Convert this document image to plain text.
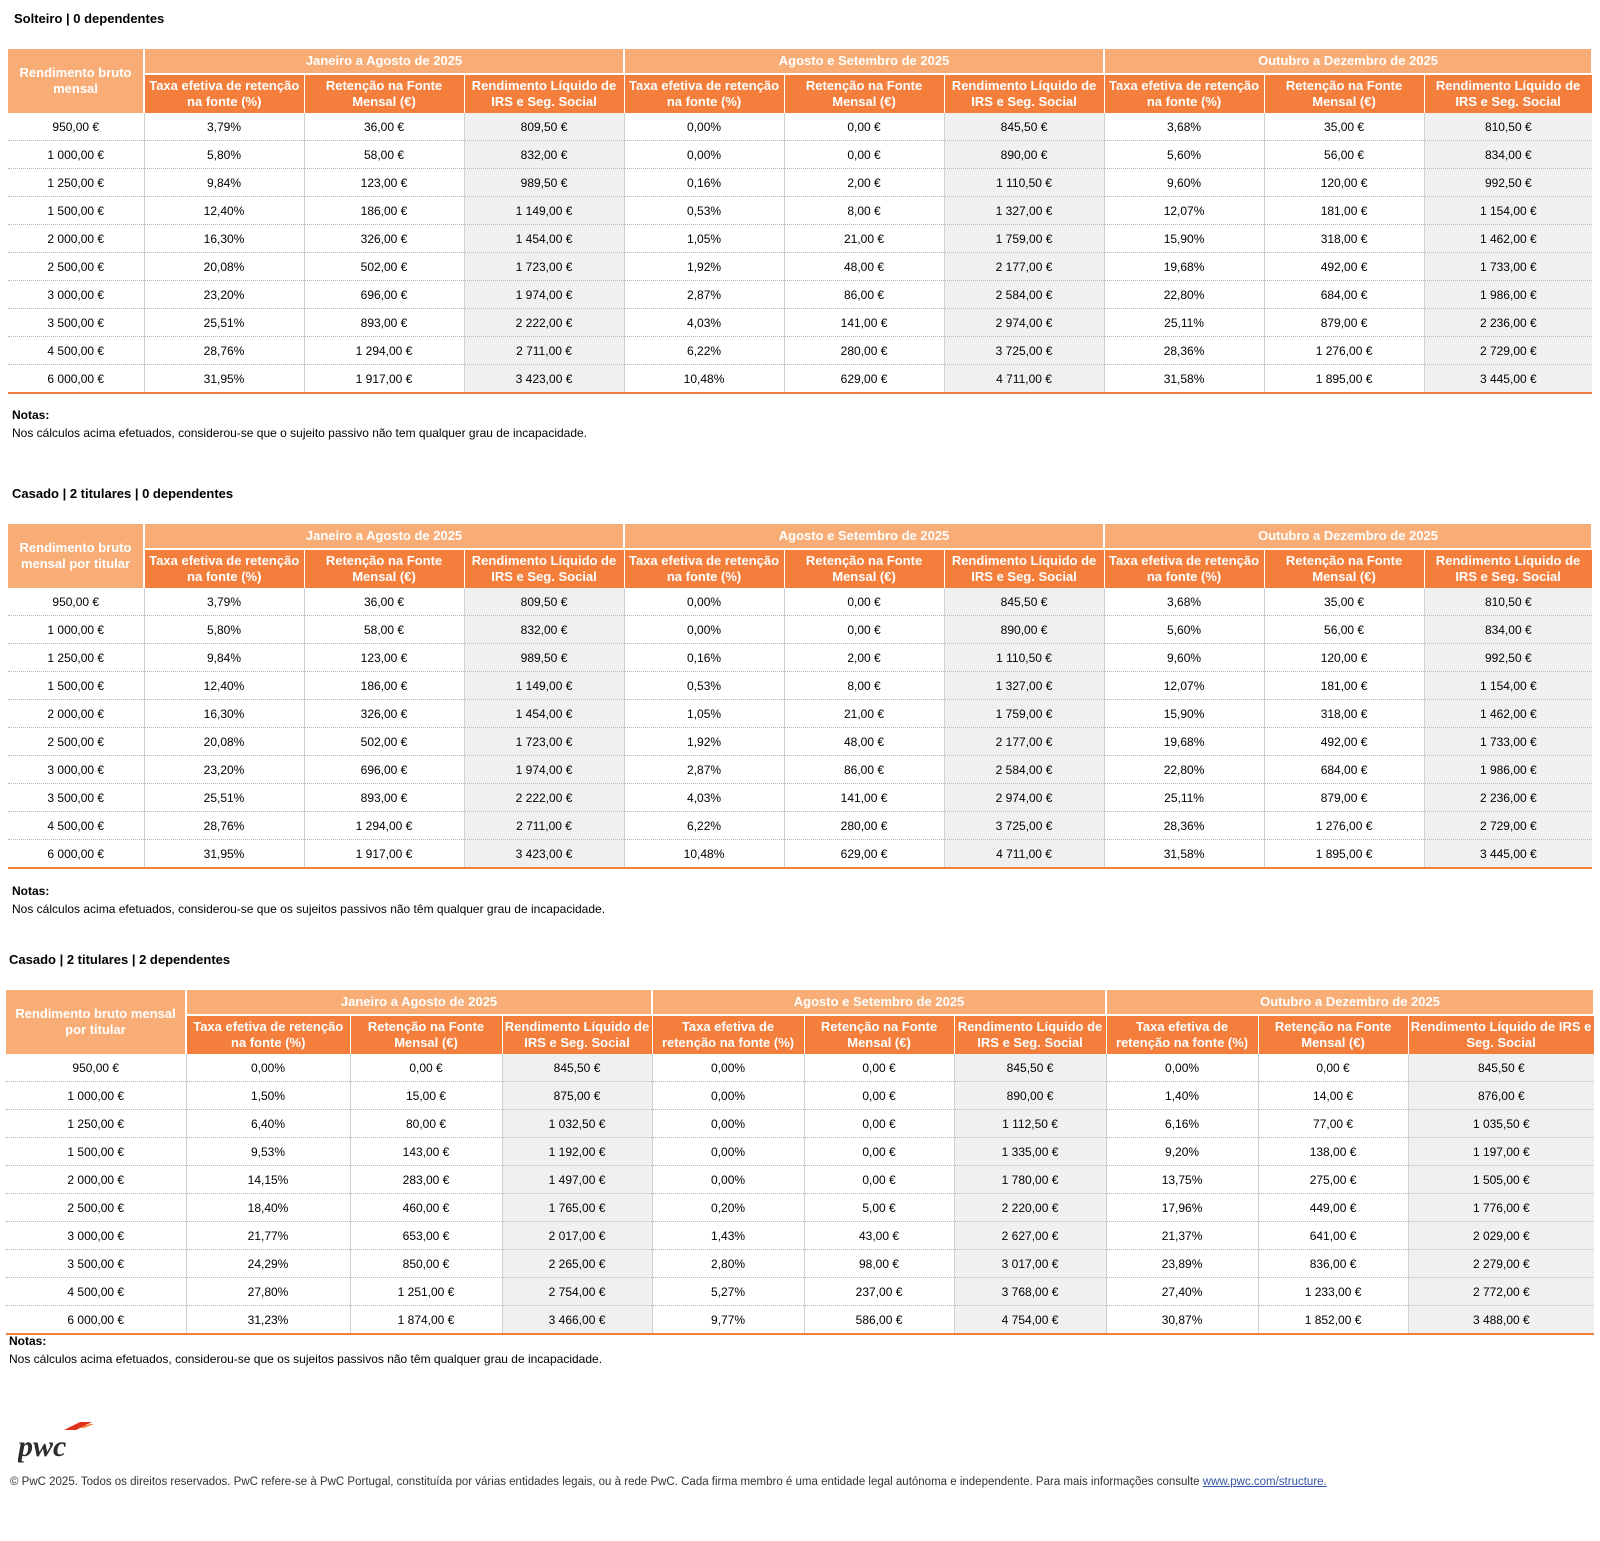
Solteiro | 0 dependentes
Rendimento bruto mensal	Janeiro a Agosto de 2025			Agosto e Setembro de 2025			Outubro a Dezembro de 2025		
	Taxa efetiva de retenção na fonte (%)	Retenção na Fonte Mensal (€)	Rendimento Líquido de IRS e Seg. Social	Taxa efetiva de retenção na fonte (%)	Retenção na Fonte Mensal (€)	Rendimento Líquido de IRS e Seg. Social	Taxa efetiva de retenção na fonte (%)	Retenção na Fonte Mensal (€)	Rendimento Líquido de IRS e Seg. Social
950,00 €	3,79%	36,00 €	809,50 €	0,00%	0,00 €	845,50 €	3,68%	35,00 €	810,50 €
1 000,00 €	5,80%	58,00 €	832,00 €	0,00%	0,00 €	890,00 €	5,60%	56,00 €	834,00 €
1 250,00 €	9,84%	123,00 €	989,50 €	0,16%	2,00 €	1 110,50 €	9,60%	120,00 €	992,50 €
1 500,00 €	12,40%	186,00 €	1 149,00 €	0,53%	8,00 €	1 327,00 €	12,07%	181,00 €	1 154,00 €
2 000,00 €	16,30%	326,00 €	1 454,00 €	1,05%	21,00 €	1 759,00 €	15,90%	318,00 €	1 462,00 €
2 500,00 €	20,08%	502,00 €	1 723,00 €	1,92%	48,00 €	2 177,00 €	19,68%	492,00 €	1 733,00 €
3 000,00 €	23,20%	696,00 €	1 974,00 €	2,87%	86,00 €	2 584,00 €	22,80%	684,00 €	1 986,00 €
3 500,00 €	25,51%	893,00 €	2 222,00 €	4,03%	141,00 €	2 974,00 €	25,11%	879,00 €	2 236,00 €
4 500,00 €	28,76%	1 294,00 €	2 711,00 €	6,22%	280,00 €	3 725,00 €	28,36%	1 276,00 €	2 729,00 €
6 000,00 €	31,95%	1 917,00 €	3 423,00 €	10,48%	629,00 €	4 711,00 €	31,58%	1 895,00 €	3 445,00 €
Notas:
Nos cálculos acima efetuados, considerou-se que o sujeito passivo não tem qualquer grau de incapacidade.
Casado | 2 titulares | 0 dependentes
Rendimento bruto mensal por titular	Janeiro a Agosto de 2025			Agosto e Setembro de 2025			Outubro a Dezembro de 2025		
	Taxa efetiva de retenção na fonte (%)	Retenção na Fonte Mensal (€)	Rendimento Líquido de IRS e Seg. Social	Taxa efetiva de retenção na fonte (%)	Retenção na Fonte Mensal (€)	Rendimento Líquido de IRS e Seg. Social	Taxa efetiva de retenção na fonte (%)	Retenção na Fonte Mensal (€)	Rendimento Líquido de IRS e Seg. Social
950,00 €	3,79%	36,00 €	809,50 €	0,00%	0,00 €	845,50 €	3,68%	35,00 €	810,50 €
1 000,00 €	5,80%	58,00 €	832,00 €	0,00%	0,00 €	890,00 €	5,60%	56,00 €	834,00 €
1 250,00 €	9,84%	123,00 €	989,50 €	0,16%	2,00 €	1 110,50 €	9,60%	120,00 €	992,50 €
1 500,00 €	12,40%	186,00 €	1 149,00 €	0,53%	8,00 €	1 327,00 €	12,07%	181,00 €	1 154,00 €
2 000,00 €	16,30%	326,00 €	1 454,00 €	1,05%	21,00 €	1 759,00 €	15,90%	318,00 €	1 462,00 €
2 500,00 €	20,08%	502,00 €	1 723,00 €	1,92%	48,00 €	2 177,00 €	19,68%	492,00 €	1 733,00 €
3 000,00 €	23,20%	696,00 €	1 974,00 €	2,87%	86,00 €	2 584,00 €	22,80%	684,00 €	1 986,00 €
3 500,00 €	25,51%	893,00 €	2 222,00 €	4,03%	141,00 €	2 974,00 €	25,11%	879,00 €	2 236,00 €
4 500,00 €	28,76%	1 294,00 €	2 711,00 €	6,22%	280,00 €	3 725,00 €	28,36%	1 276,00 €	2 729,00 €
6 000,00 €	31,95%	1 917,00 €	3 423,00 €	10,48%	629,00 €	4 711,00 €	31,58%	1 895,00 €	3 445,00 €
Notas:
Nos cálculos acima efetuados, considerou-se que os sujeitos passivos não têm qualquer grau de incapacidade.
Casado | 2 titulares | 2 dependentes
Rendimento bruto mensal por titular	Janeiro a Agosto de 2025			Agosto e Setembro de 2025			Outubro a Dezembro de 2025		
	Taxa efetiva de retenção na fonte (%)	Retenção na Fonte Mensal (€)	Rendimento Líquido de IRS e Seg. Social	Taxa efetiva de retenção na fonte (%)	Retenção na Fonte Mensal (€)	Rendimento Líquido de IRS e Seg. Social	Taxa efetiva de retenção na fonte (%)	Retenção na Fonte Mensal (€)	Rendimento Líquido de IRS e Seg. Social
950,00 €	0,00%	0,00 €	845,50 €	0,00%	0,00 €	845,50 €	0,00%	0,00 €	845,50 €
1 000,00 €	1,50%	15,00 €	875,00 €	0,00%	0,00 €	890,00 €	1,40%	14,00 €	876,00 €
1 250,00 €	6,40%	80,00 €	1 032,50 €	0,00%	0,00 €	1 112,50 €	6,16%	77,00 €	1 035,50 €
1 500,00 €	9,53%	143,00 €	1 192,00 €	0,00%	0,00 €	1 335,00 €	9,20%	138,00 €	1 197,00 €
2 000,00 €	14,15%	283,00 €	1 497,00 €	0,00%	0,00 €	1 780,00 €	13,75%	275,00 €	1 505,00 €
2 500,00 €	18,40%	460,00 €	1 765,00 €	0,20%	5,00 €	2 220,00 €	17,96%	449,00 €	1 776,00 €
3 000,00 €	21,77%	653,00 €	2 017,00 €	1,43%	43,00 €	2 627,00 €	21,37%	641,00 €	2 029,00 €
3 500,00 €	24,29%	850,00 €	2 265,00 €	2,80%	98,00 €	3 017,00 €	23,89%	836,00 €	2 279,00 €
4 500,00 €	27,80%	1 251,00 €	2 754,00 €	5,27%	237,00 €	3 768,00 €	27,40%	1 233,00 €	2 772,00 €
6 000,00 €	31,23%	1 874,00 €	3 466,00 €	9,77%	586,00 €	4 754,00 €	30,87%	1 852,00 €	3 488,00 €
Notas:
Nos cálculos acima efetuados, considerou-se que os sujeitos passivos não têm qualquer grau de incapacidade.
pwc
© PwC 2025. Todos os direitos reservados. PwC refere-se à PwC Portugal, constituída por várias entidades legais, ou à rede PwC. Cada firma membro é uma entidade legal autónoma e independente. Para mais informações consulte www.pwc.com/structure.
